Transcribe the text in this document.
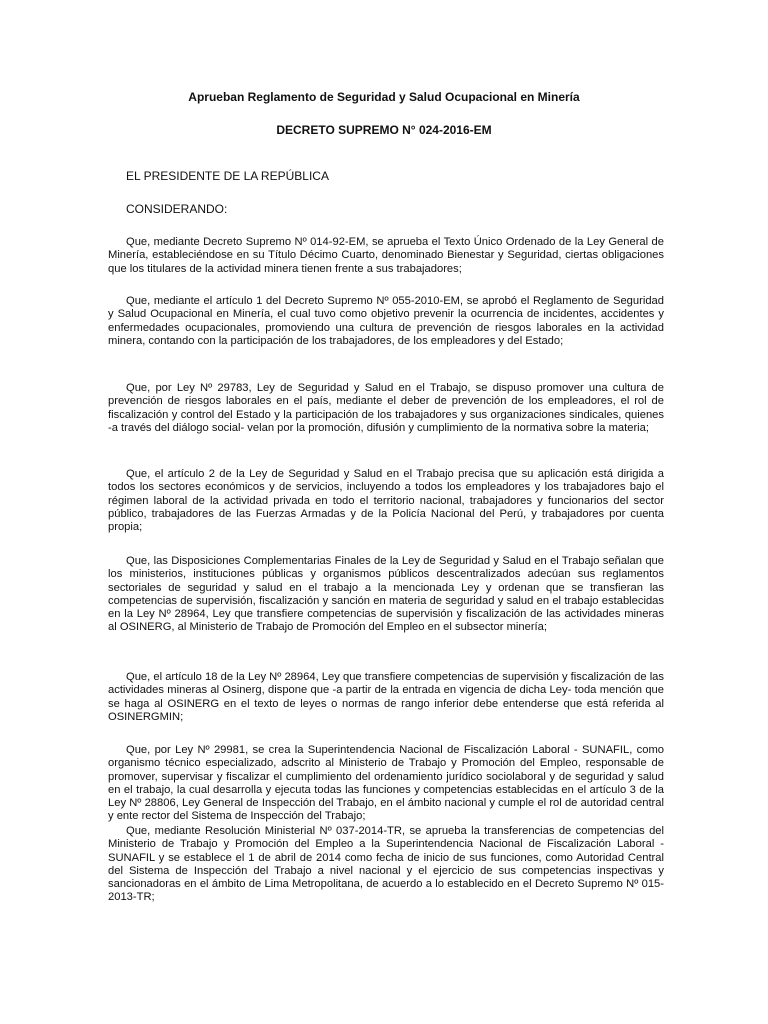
Aprueban Reglamento de Seguridad y Salud Ocupacional en Minería

DECRETO SUPREMO N° 024-2016-EM

EL PRESIDENTE DE LA REPÚBLICA

CONSIDERANDO:

Que, mediante Decreto Supremo Nº 014-92-EM, se aprueba el Texto Único Ordenado de la Ley General de Minería, estableciéndose en su Título Décimo Cuarto, denominado Bienestar y Seguridad, ciertas obligaciones que los titulares de la actividad minera tienen frente a sus trabajadores;

Que, mediante el artículo 1 del Decreto Supremo Nº 055-2010-EM, se aprobó el Reglamento de Seguridad y Salud Ocupacional en Minería, el cual tuvo como objetivo prevenir la ocurrencia de incidentes, accidentes y enfermedades ocupacionales, promoviendo una cultura de prevención de riesgos laborales en la actividad minera, contando con la participación de los trabajadores, de los empleadores y del Estado;

Que, por Ley Nº 29783, Ley de Seguridad y Salud en el Trabajo, se dispuso promover una cultura de prevención de riesgos laborales en el país, mediante el deber de prevención de los empleadores, el rol de fiscalización y control del Estado y la participación de los trabajadores y sus organizaciones sindicales, quienes -a través del diálogo social- velan por la promoción, difusión y cumplimiento de la normativa sobre la materia;

Que, el artículo 2 de la Ley de Seguridad y Salud en el Trabajo precisa que su aplicación está dirigida a todos los sectores económicos y de servicios, incluyendo a todos los empleadores y los trabajadores bajo el régimen laboral de la actividad privada en todo el territorio nacional, trabajadores y funcionarios del sector público, trabajadores de las Fuerzas Armadas y de la Policía Nacional del Perú, y trabajadores por cuenta propia;

Que, las Disposiciones Complementarias Finales de la Ley de Seguridad y Salud en el Trabajo señalan que los ministerios, instituciones públicas y organismos públicos descentralizados adecúan sus reglamentos sectoriales de seguridad y salud en el trabajo a la mencionada Ley y ordenan que se transfieran las competencias de supervisión, fiscalización y sanción en materia de seguridad y salud en el trabajo establecidas en la Ley Nº 28964, Ley que transfiere competencias de supervisión y fiscalización de las actividades mineras al OSINERG, al Ministerio de Trabajo de Promoción del Empleo en el subsector minería;

Que, el artículo 18 de la Ley Nº 28964, Ley que transfiere competencias de supervisión y fiscalización de las actividades mineras al Osinerg, dispone que -a partir de la entrada en vigencia de dicha Ley- toda mención que se haga al OSINERG en el texto de leyes o normas de rango inferior debe entenderse que está referida al OSINERGMIN;

Que, por Ley Nº 29981, se crea la Superintendencia Nacional de Fiscalización Laboral - SUNAFIL, como organismo técnico especializado, adscrito al Ministerio de Trabajo y Promoción del Empleo, responsable de promover, supervisar y fiscalizar el cumplimiento del ordenamiento jurídico sociolaboral y de seguridad y salud en el trabajo, la cual desarrolla y ejecuta todas las funciones y competencias establecidas en el artículo 3 de la Ley Nº 28806, Ley General de Inspección del Trabajo, en el ámbito nacional y cumple el rol de autoridad central y ente rector del Sistema de Inspección del Trabajo;

Que, mediante Resolución Ministerial Nº 037-2014-TR, se aprueba la transferencias de competencias del Ministerio de Trabajo y Promoción del Empleo a la Superintendencia Nacional de Fiscalización Laboral - SUNAFIL y se establece el 1 de abril de 2014 como fecha de inicio de sus funciones, como Autoridad Central del Sistema de Inspección del Trabajo a nivel nacional y el ejercicio de sus competencias inspectivas y sancionadoras en el ámbito de Lima Metropolitana, de acuerdo a lo establecido en el Decreto Supremo Nº 015-2013-TR;
